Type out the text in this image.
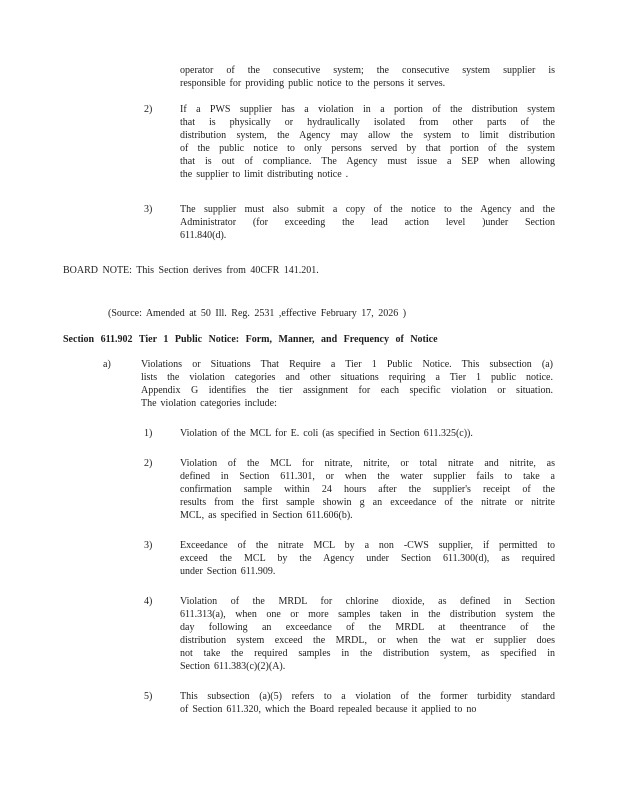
operator of the consecutive system; the consecutive system supplier is
responsible for providing public notice to the persons it serves.
2)	If a PWS supplier has a violation in a portion of the distribution system
that is physically or hydraulically isolated from other parts of the
distribution system, the Agency may allow the system to limit distribution
of the public notice to only persons served by that portion of the system
that is out of compliance. The Agency must issue a SEP when allowing
the supplier to limit distributing notice .
3)	The supplier must also submit a copy of the notice to the Agency and the
Administrator (for exceeding the lead action level )under Section
611.840(d).
BOARD NOTE: This Section derives from 40CFR 141.201.
(Source: Amended at 50 Ill. Reg. 2531 ,effective February 17, 2026 )
Section 611.902 Tier 1 Public Notice: Form, Manner, and Frequency of Notice
a)	Violations or Situations That Require a Tier 1 Public Notice. This subsection (a)
lists the violation categories and other situations requiring a Tier 1 public notice.
Appendix G identifies the tier assignment for each specific violation or situation.
The violation categories include:
1)	Violation of the MCL for E. coli (as specified in Section 611.325(c)).
2)	Violation of the MCL for nitrate, nitrite, or total nitrate and nitrite, as
defined in Section 611.301, or when the water supplier fails to take a
confirmation sample within 24 hours after the supplier's receipt of the
results from the first sample showin g an exceedance of the nitrate or nitrite
MCL, as specified in Section 611.606(b).
3)	Exceedance of the nitrate MCL by a non -CWS supplier, if permitted to
exceed the MCL by the Agency under Section 611.300(d), as required
under Section 611.909.
4)	Violation of the MRDL for chlorine dioxide, as defined in Section
611.313(a), when one or more samples taken in the distribution system the
day following an exceedance of the MRDL at theentrance of the
distribution system exceed the MRDL, or when the wat er supplier does
not take the required samples in the distribution system, as specified in
Section 611.383(c)(2)(A).
5)	This subsection (a)(5) refers to a violation of the former turbidity standard
of Section 611.320, which the Board repealed because it applied to no
